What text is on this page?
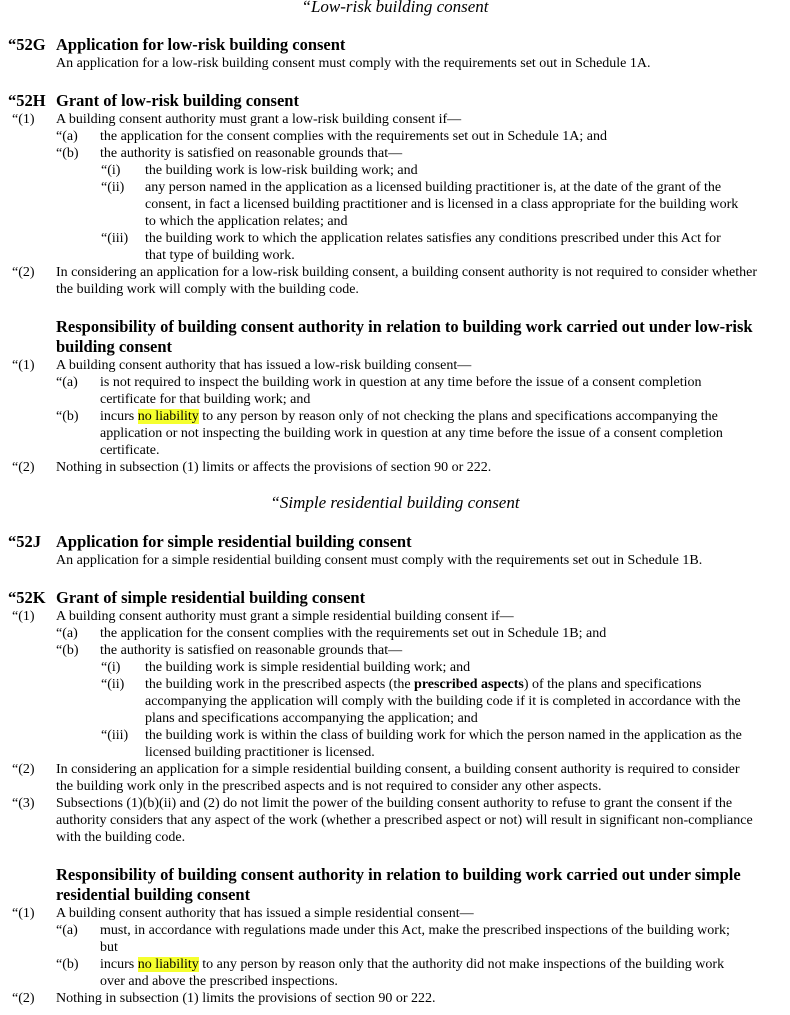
“Low-risk building consent

“52G Application for low-risk building consent

An application for a low-risk building consent must comply with the requirements set out in Schedule 1A.

“52H Grant of low-risk building consent
“(1) A building consent authority must grant a low-risk building consent if—
“(a) the application for the consent complies with the requirements set out in Schedule 1A; and
“(b) the authority is satisfied on reasonable grounds that—
“(i) the building work is low-risk building work; and
“(ii) any person named in the application as a licensed building practitioner is, at the date of the grant of the consent, in fact a licensed building practitioner and is licensed in a class appropriate for the building work to which the application relates; and
“(iii) the building work to which the application relates satisfies any conditions prescribed under this Act for that type of building work.
“(2) In considering an application for a low-risk building consent, a building consent authority is not required to consider whether the building work will comply with the building code.
Responsibility of building consent authority in relation to building work carried out under low-risk building consent
“(1) A building consent authority that has issued a low-risk building consent—
“(a) is not required to inspect the building work in question at any time before the issue of a consent completion certificate for that building work; and
“(b) incurs no liability to any person by reason only of not checking the plans and specifications accompanying the application or not inspecting the building work in question at any time before the issue of a consent completion certificate.
“(2) Nothing in subsection (1) limits or affects the provisions of section 90 or 222.

“Simple residential building consent

“52J Application for simple residential building consent

An application for a simple residential building consent must comply with the requirements set out in Schedule 1B.

“52K Grant of simple residential building consent
“(1) A building consent authority must grant a simple residential building consent if—
“(a) the application for the consent complies with the requirements set out in Schedule 1B; and
“(b) the authority is satisfied on reasonable grounds that—
“(i) the building work is simple residential building work; and
“(ii) the building work in the prescribed aspects (the prescribed aspects) of the plans and specifications accompanying the application will comply with the building code if it is completed in accordance with the plans and specifications accompanying the application; and
“(iii) the building work is within the class of building work for which the person named in the application as the licensed building practitioner is licensed.
“(2) In considering an application for a simple residential building consent, a building consent authority is required to consider the building work only in the prescribed aspects and is not required to consider any other aspects.
“(3) Subsections (1)(b)(ii) and (2) do not limit the power of the building consent authority to refuse to grant the consent if the authority considers that any aspect of the work (whether a prescribed aspect or not) will result in significant non-compliance with the building code.
Responsibility of building consent authority in relation to building work carried out under simple residential building consent
“(1) A building consent authority that has issued a simple residential consent—
“(a) must, in accordance with regulations made under this Act, make the prescribed inspections of the building work; but
“(b) incurs no liability to any person by reason only that the authority did not make inspections of the building work over and above the prescribed inspections.
“(2) Nothing in subsection (1) limits the provisions of section 90 or 222.
